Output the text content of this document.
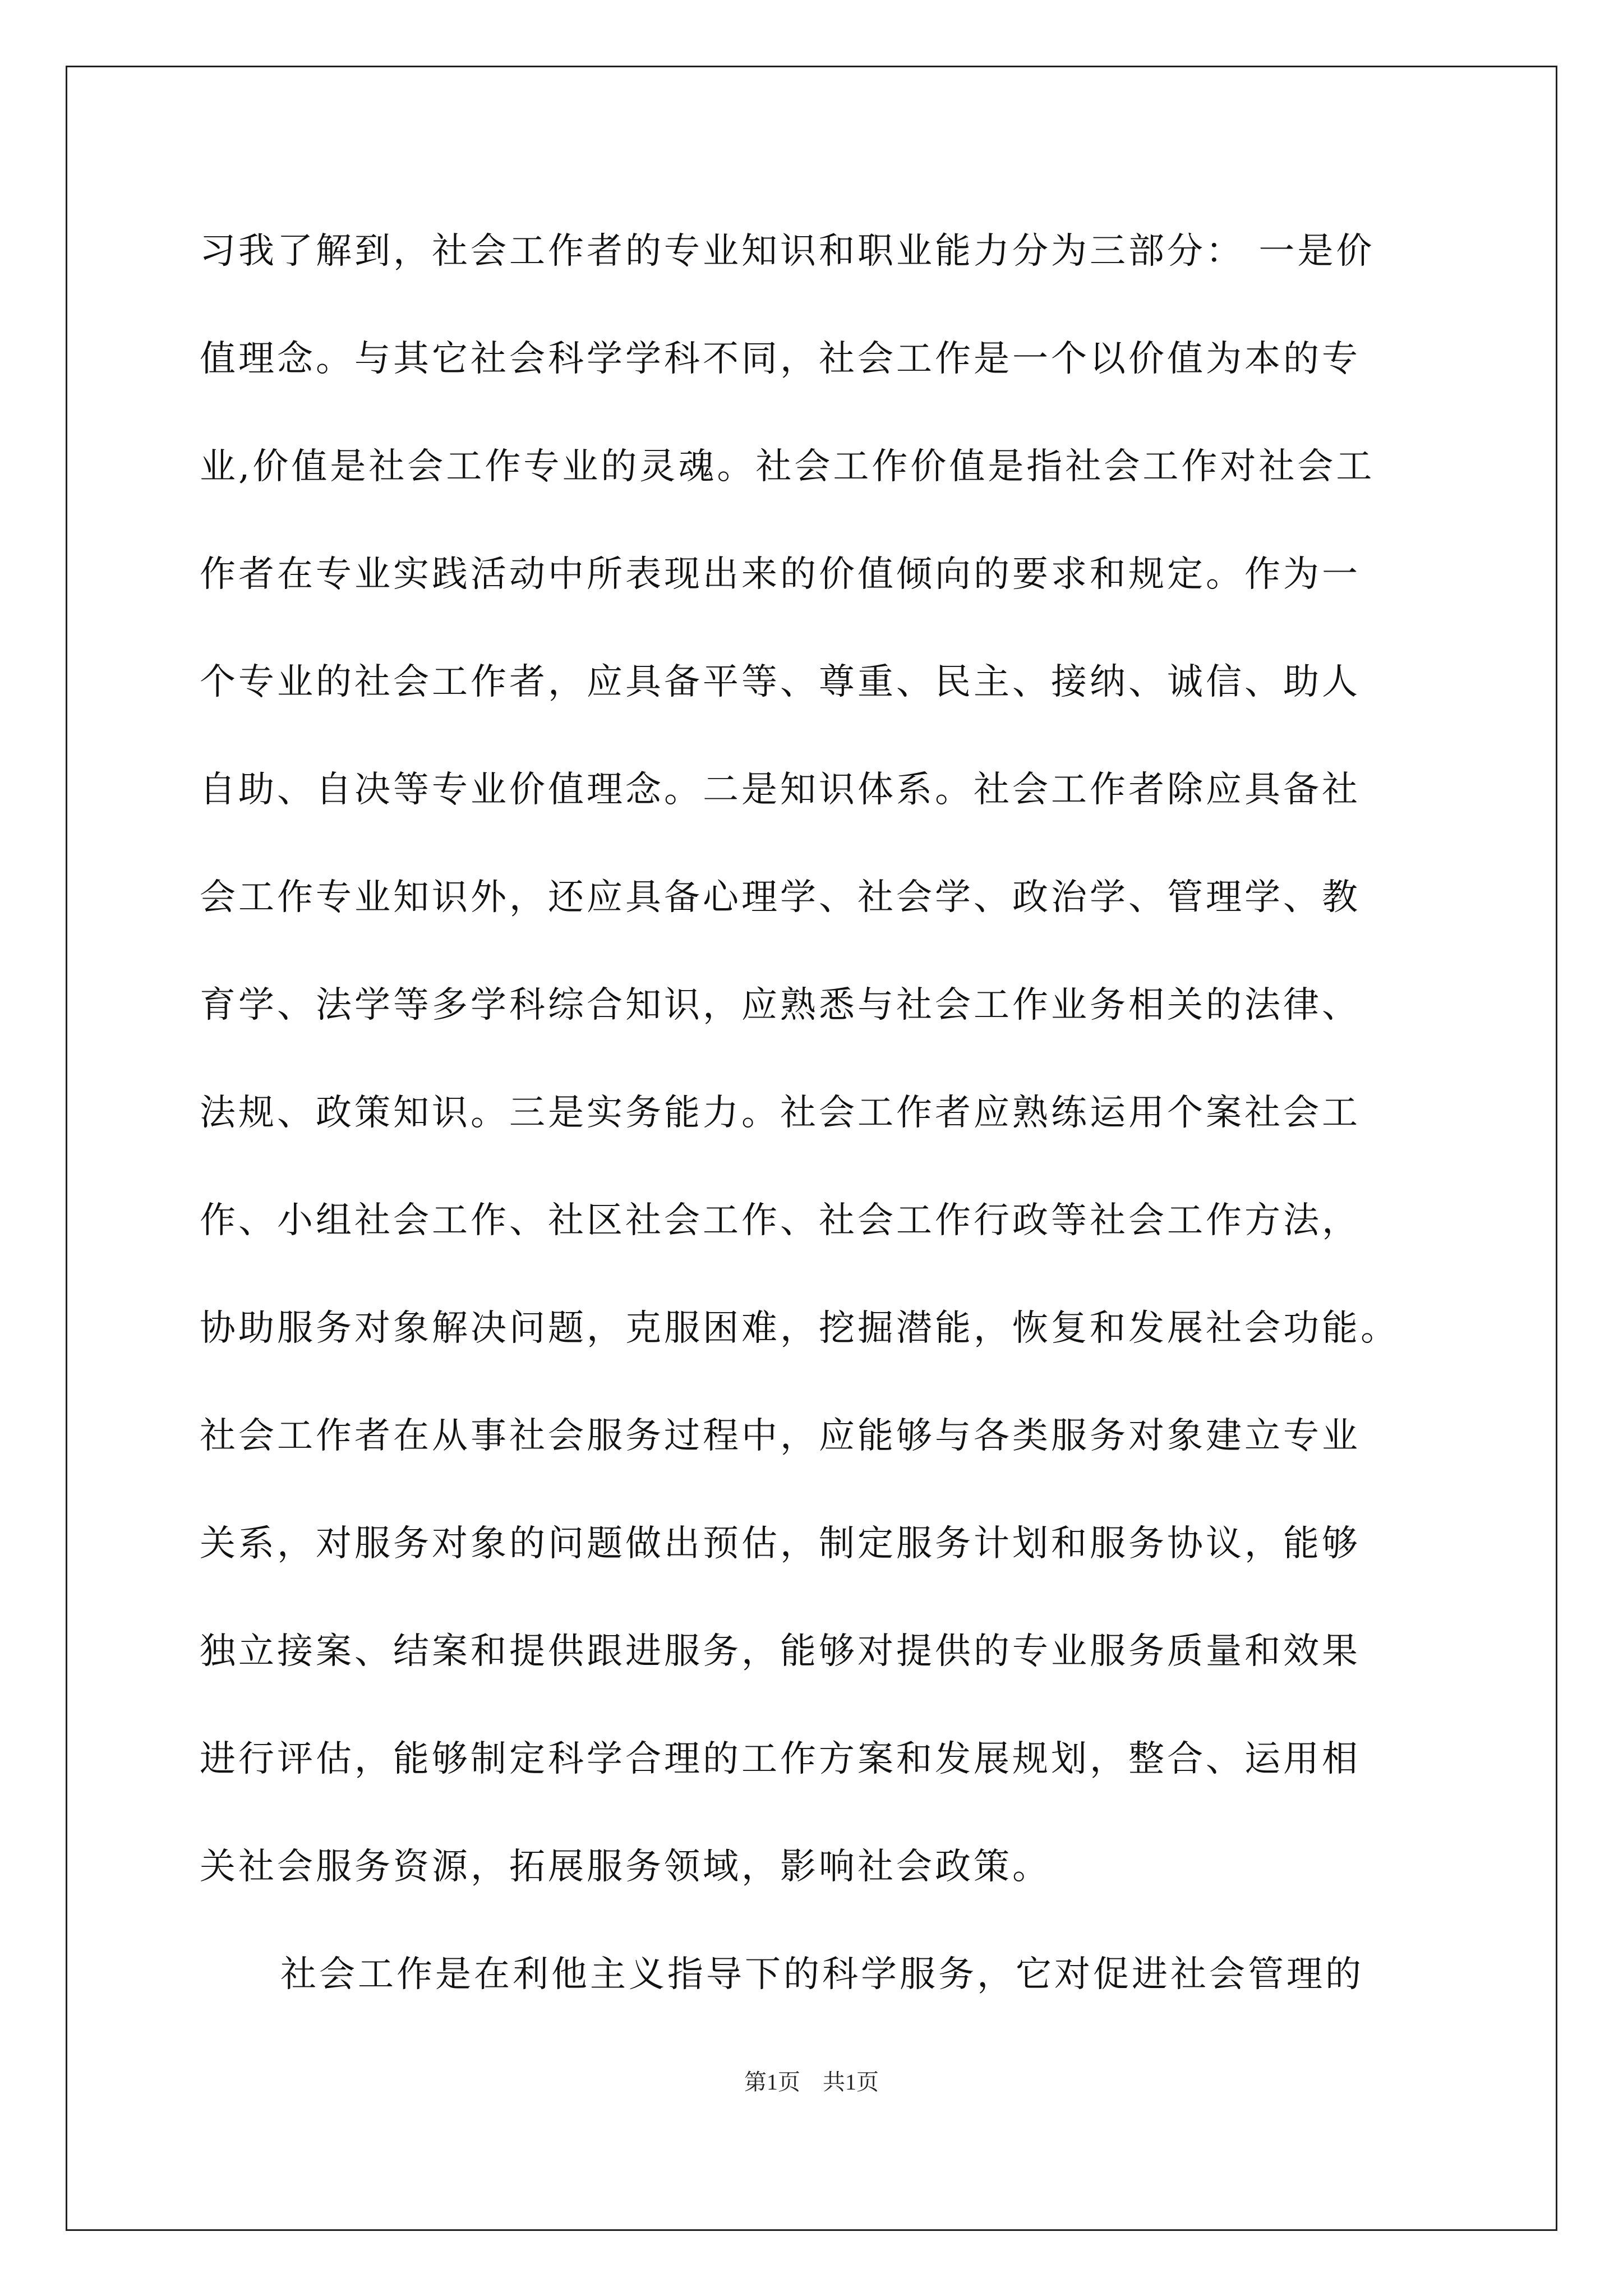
习我了解到，社会工作者的专业知识和职业能力分为三部分： 一是价
值理念。与其它社会科学学科不同，社会工作是一个以价值为本的专
业,价值是社会工作专业的灵魂。社会工作价值是指社会工作对社会工
作者在专业实践活动中所表现出来的价值倾向的要求和规定。作为一
个专业的社会工作者，应具备平等、尊重、民主、接纳、诚信、助人
自助、自决等专业价值理念。二是知识体系。社会工作者除应具备社
会工作专业知识外，还应具备心理学、社会学、政治学、管理学、教
育学、法学等多学科综合知识，应熟悉与社会工作业务相关的法律、
法规、政策知识。三是实务能力。社会工作者应熟练运用个案社会工
作、小组社会工作、社区社会工作、社会工作行政等社会工作方法，
协助服务对象解决问题，克服困难，挖掘潜能，恢复和发展社会功能。
社会工作者在从事社会服务过程中，应能够与各类服务对象建立专业
关系，对服务对象的问题做出预估，制定服务计划和服务协议，能够
独立接案、结案和提供跟进服务，能够对提供的专业服务质量和效果
进行评估，能够制定科学合理的工作方案和发展规划，整合、运用相
关社会服务资源，拓展服务领域，影响社会政策。
社会工作是在利他主义指导下的科学服务，它对促进社会管理的
第1页　共1页
